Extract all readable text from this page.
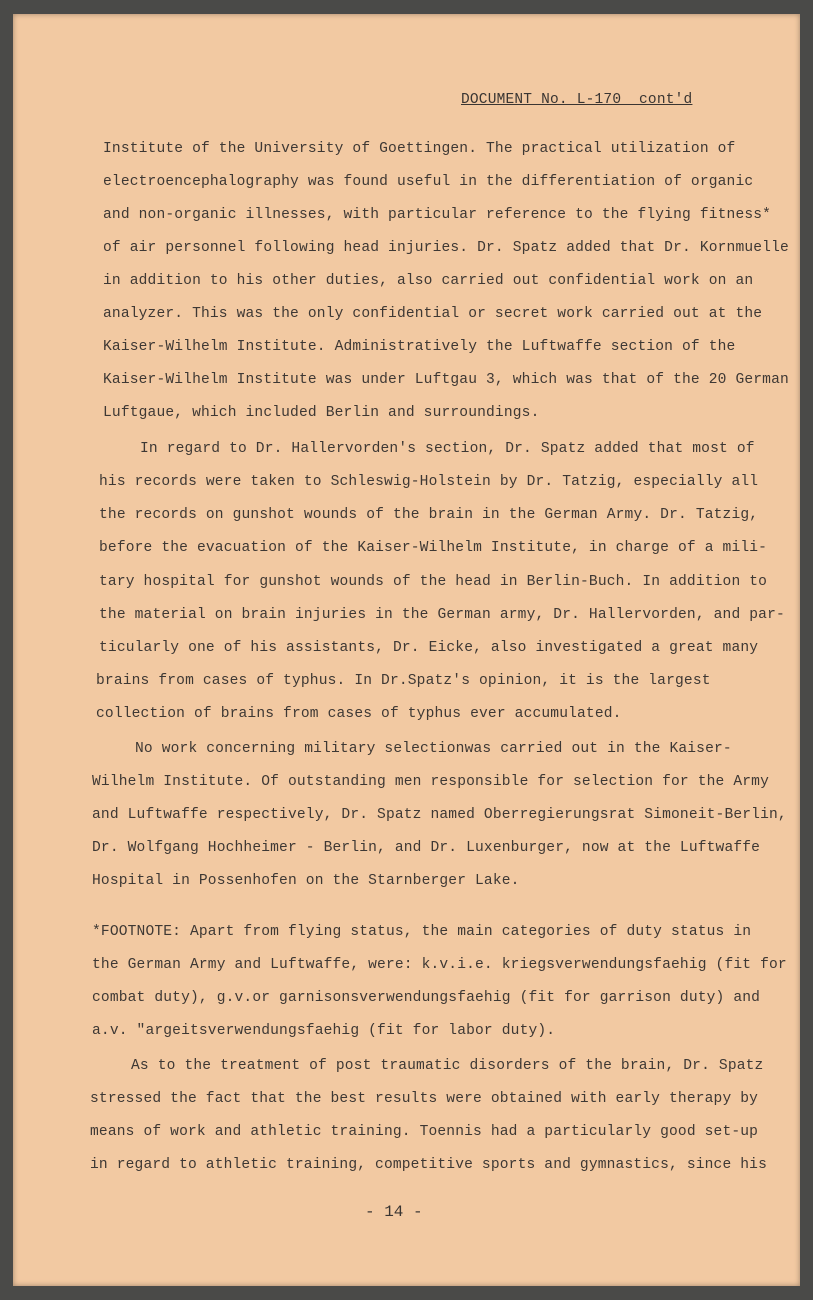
DOCUMENT No. L-170  cont'd
Institute of the University of Goettingen. The practical utilization of
electroencephalography was found useful in the differentiation of organic
and non-organic illnesses, with particular reference to the flying fitness*
of air personnel following head injuries. Dr. Spatz added that Dr. Kornmuelle
in addition to his other duties, also carried out confidential work on an
analyzer. This was the only confidential or secret work carried out at the
Kaiser-Wilhelm Institute. Administratively the Luftwaffe section of the
Kaiser-Wilhelm Institute was under Luftgau 3, which was that of the 20 German
Luftgaue, which included Berlin and surroundings.
In regard to Dr. Hallervorden's section, Dr. Spatz added that most of
his records were taken to Schleswig-Holstein by Dr. Tatzig, especially all
the records on gunshot wounds of the brain in the German Army. Dr. Tatzig,
before the evacuation of the Kaiser-Wilhelm Institute, in charge of a mili-
tary hospital for gunshot wounds of the head in Berlin-Buch. In addition to
the material on brain injuries in the German army, Dr. Hallervorden, and par-
ticularly one of his assistants, Dr. Eicke, also investigated a great many
brains from cases of typhus. In Dr.Spatz's opinion, it is the largest
collection of brains from cases of typhus ever accumulated.
No work concerning military selectionwas carried out in the Kaiser-
Wilhelm Institute. Of outstanding men responsible for selection for the Army
and Luftwaffe respectively, Dr. Spatz named Oberregierungsrat Simoneit-Berlin,
Dr. Wolfgang Hochheimer - Berlin, and Dr. Luxenburger, now at the Luftwaffe
Hospital in Possenhofen on the Starnberger Lake.
*FOOTNOTE: Apart from flying status, the main categories of duty status in
the German Army and Luftwaffe, were: k.v.i.e. kriegsverwendungsfaehig (fit for
combat duty), g.v.or garnisonsverwendungsfaehig (fit for garrison duty) and
a.v. "argeitsverwendungsfaehig (fit for labor duty).
As to the treatment of post traumatic disorders of the brain, Dr. Spatz
stressed the fact that the best results were obtained with early therapy by
means of work and athletic training. Toennis had a particularly good set-up
in regard to athletic training, competitive sports and gymnastics, since his
- 14 -
